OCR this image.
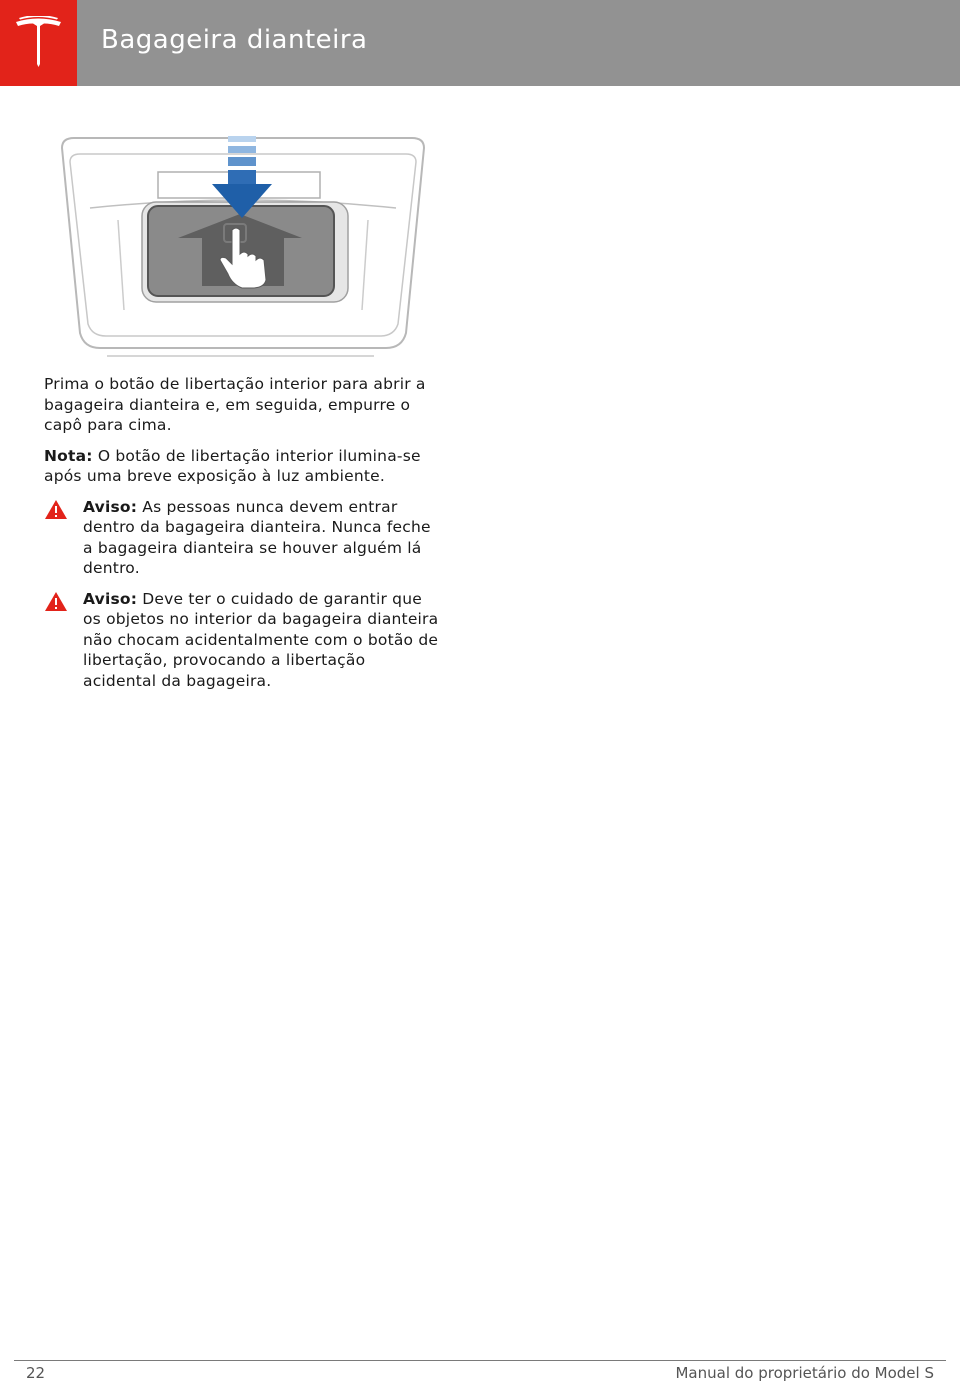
Bagageira dianteira

Prima o botão de libertação interior para abrir a bagageira dianteira e, em seguida, empurre o capô para cima.

Nota: O botão de libertação interior ilumina-se após uma breve exposição à luz ambiente.

Aviso: As pessoas nunca devem entrar dentro da bagageira dianteira. Nunca feche a bagageira dianteira se houver alguém lá dentro.
Aviso: Deve ter o cuidado de garantir que os objetos no interior da bagageira dianteira não chocam acidentalmente com o botão de libertação, provocando a libertação acidental da bagageira.
22	Manual do proprietário do Model S
